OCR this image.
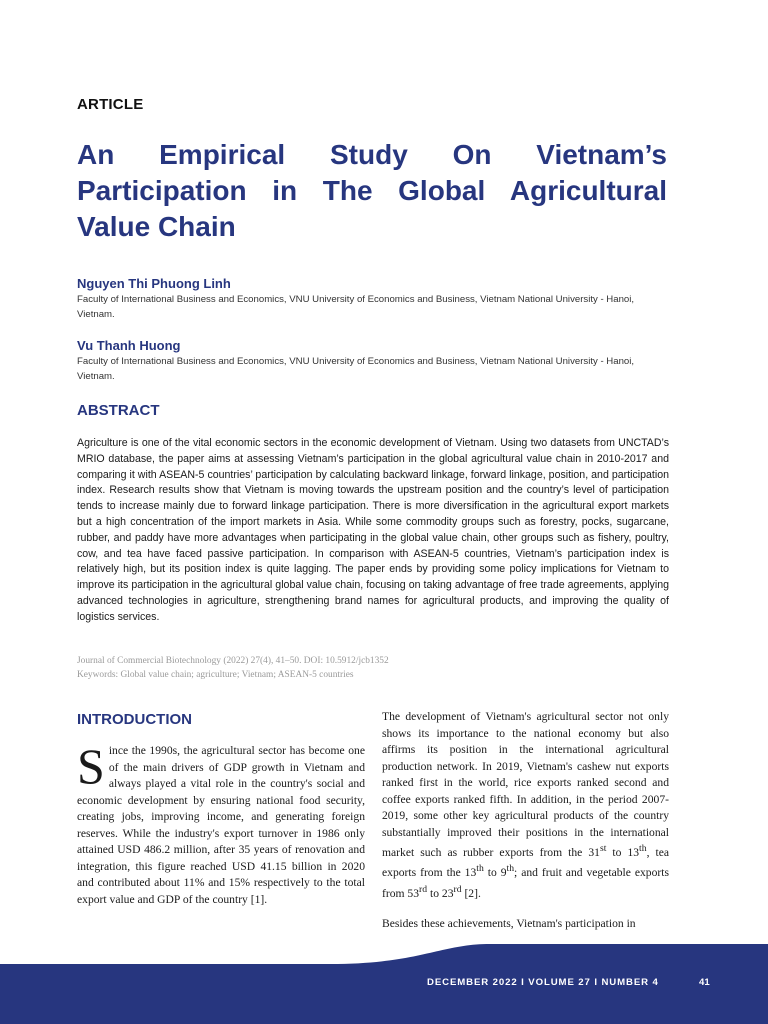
ARTICLE
An Empirical Study On Vietnam’s Participation in The Global Agricultural Value Chain
Nguyen Thi Phuong Linh
Faculty of International Business and Economics, VNU University of Economics and Business, Vietnam National University - Hanoi, Vietnam.
Vu Thanh Huong
Faculty of International Business and Economics, VNU University of Economics and Business, Vietnam National University - Hanoi, Vietnam.
ABSTRACT

Agriculture is one of the vital economic sectors in the economic development of Vietnam. Using two datasets from UNCTAD’s MRIO database, the paper aims at assessing Vietnam’s participation in the global agricultural value chain in 2010-2017 and comparing it with ASEAN-5 countries’ participation by calculating backward linkage, forward linkage, position, and participation index. Research results show that Vietnam is moving towards the upstream position and the country’s level of participation tends to increase mainly due to forward linkage participation. There is more diversification in the agricultural export markets but a high concentration of the import markets in Asia. While some commodity groups such as forestry, pocks, sugarcane, rubber, and paddy have more advantages when participating in the global value chain, other groups such as fishery, poultry, cow, and tea have faced passive participation. In comparison with ASEAN-5 countries, Vietnam’s participation index is relatively high, but its position index is quite lagging. The paper ends by providing some policy implications for Vietnam to improve its participation in the agricultural global value chain, focusing on taking advantage of free trade agreements, applying advanced technologies in agriculture, strengthening brand names for agricultural products, and improving the quality of logistics services.

Journal of Commercial Biotechnology (2022) 27(4), 41–50. DOI: 10.5912/jcb1352
Keywords: Global value chain; agriculture; Vietnam; ASEAN-5 countries
INTRODUCTION

Since the 1990s, the agricultural sector has become one of the main drivers of GDP growth in Vietnam and always played a vital role in the country's social and economic development by ensuring national food security, creating jobs, improving income, and generating foreign reserves. While the industry's export turnover in 1986 only attained USD 486.2 million, after 35 years of renovation and integration, this figure reached USD 41.15 billion in 2020 and contributed about 11% and 15% respectively to the total export value and GDP of the country [1].

The development of Vietnam's agricultural sector not only shows its importance to the national economy but also affirms its position in the international agricultural production network. In 2019, Vietnam's cashew nut exports ranked first in the world, rice exports ranked second and coffee exports ranked fifth. In addition, in the period 2007-2019, some other key agricultural products of the country substantially improved their positions in the international market such as rubber exports from the 31st to 13th, tea exports from the 13th to 9th; and fruit and vegetable exports from 53rd to 23rd [2].

Besides these achievements, Vietnam's participation in

DECEMBER 2022 I VOLUME 27 I NUMBER 4	41
